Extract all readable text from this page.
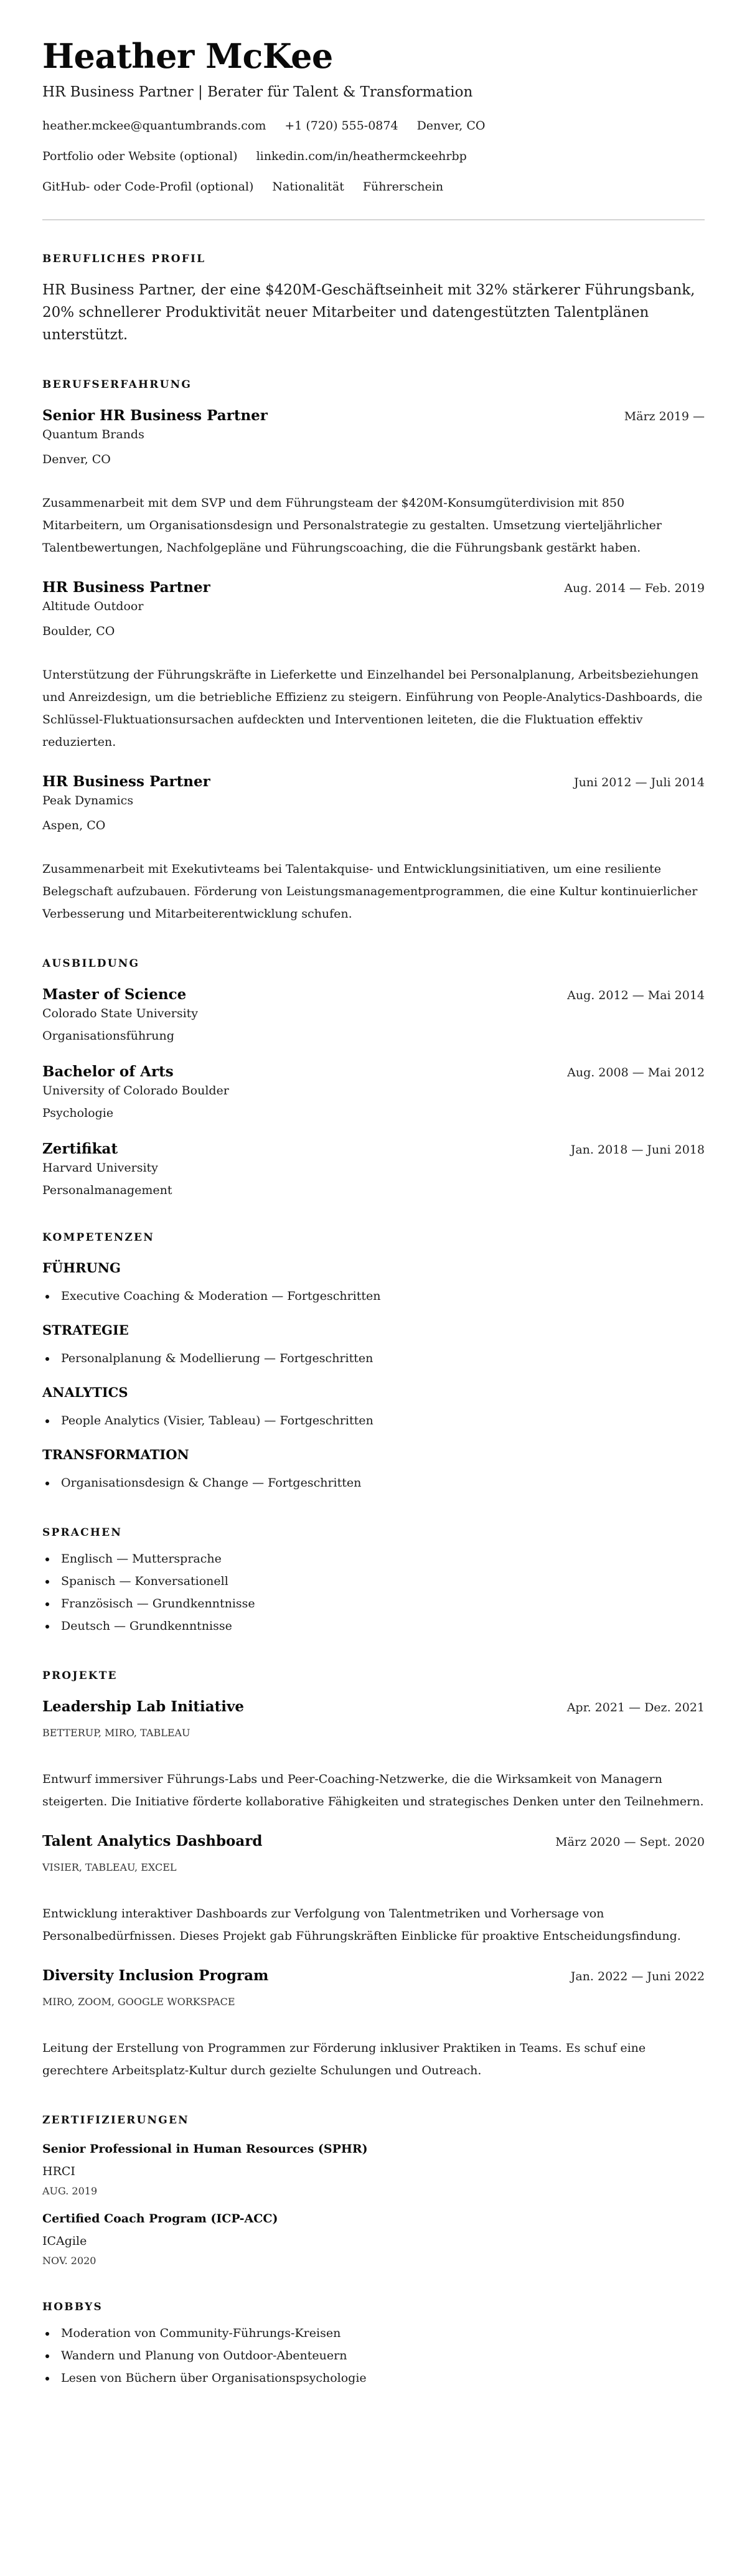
Heather McKee
HR Business Partner | Berater für Talent & Transformation
heather.mckee@quantumbrands.com +1 (720) 555-0874 Denver, CO
Portfolio oder Website (optional) linkedin.com/in/heathermckeehrbp
GitHub- oder Code-Profil (optional) Nationalität Führerschein
BERUFLICHES PROFIL

HR Business Partner, der eine $420M-Geschäftseinheit mit 32% stärkerer Führungsbank, 20% schnellerer Produktivität neuer Mitarbeiter und datengestützten Talentplänen unterstützt.

BERUFSERFAHRUNG
Senior HR Business Partner	März 2019 —
Quantum Brands
Denver, CO

Zusammenarbeit mit dem SVP und dem Führungsteam der $420M-Konsumgüterdivision mit 850 Mitarbeitern, um Organisationsdesign und Personalstrategie zu gestalten. Umsetzung vierteljährlicher Talentbewertungen, Nachfolgepläne und Führungscoaching, die die Führungsbank gestärkt haben.

HR Business Partner	Aug. 2014 — Feb. 2019
Altitude Outdoor
Boulder, CO

Unterstützung der Führungskräfte in Lieferkette und Einzelhandel bei Personalplanung, Arbeitsbeziehungen und Anreizdesign, um die betriebliche Effizienz zu steigern. Einführung von People-Analytics-Dashboards, die Schlüssel-Fluktuationsursachen aufdeckten und Interventionen leiteten, die die Fluktuation effektiv reduzierten.

HR Business Partner	Juni 2012 — Juli 2014
Peak Dynamics
Aspen, CO

Zusammenarbeit mit Exekutivteams bei Talentakquise- und Entwicklungsinitiativen, um eine resiliente Belegschaft aufzubauen. Förderung von Leistungsmanagementprogrammen, die eine Kultur kontinuierlicher Verbesserung und Mitarbeiterentwicklung schufen.

AUSBILDUNG
Master of Science	Aug. 2012 — Mai 2014
Colorado State University
Organisationsführung
Bachelor of Arts	Aug. 2008 — Mai 2012
University of Colorado Boulder
Psychologie
Zertifikat	Jan. 2018 — Juni 2018
Harvard University
Personalmanagement
KOMPETENZEN
FÜHRUNG
Executive Coaching & Moderation — Fortgeschritten
STRATEGIE
Personalplanung & Modellierung — Fortgeschritten
ANALYTICS
People Analytics (Visier, Tableau) — Fortgeschritten
TRANSFORMATION
Organisationsdesign & Change — Fortgeschritten
SPRACHEN
Englisch — Muttersprache
Spanisch — Konversationell
Französisch — Grundkenntnisse
Deutsch — Grundkenntnisse
PROJEKTE
Leadership Lab Initiative	Apr. 2021 — Dez. 2021
BETTERUP, MIRO, TABLEAU

Entwurf immersiver Führungs-Labs und Peer-Coaching-Netzwerke, die die Wirksamkeit von Managern steigerten. Die Initiative förderte kollaborative Fähigkeiten und strategisches Denken unter den Teilnehmern.

Talent Analytics Dashboard	März 2020 — Sept. 2020
VISIER, TABLEAU, EXCEL

Entwicklung interaktiver Dashboards zur Verfolgung von Talentmetriken und Vorhersage von Personalbedürfnissen. Dieses Projekt gab Führungskräften Einblicke für proaktive Entscheidungsfindung.

Diversity Inclusion Program	Jan. 2022 — Juni 2022
MIRO, ZOOM, GOOGLE WORKSPACE

Leitung der Erstellung von Programmen zur Förderung inklusiver Praktiken in Teams. Es schuf eine gerechtere Arbeitsplatz-Kultur durch gezielte Schulungen und Outreach.

ZERTIFIZIERUNGEN
Senior Professional in Human Resources (SPHR)
HRCI
AUG. 2019
Certified Coach Program (ICP-ACC)
ICAgile
NOV. 2020
HOBBYS
Moderation von Community-Führungs-Kreisen
Wandern und Planung von Outdoor-Abenteuern
Lesen von Büchern über Organisationspsychologie
